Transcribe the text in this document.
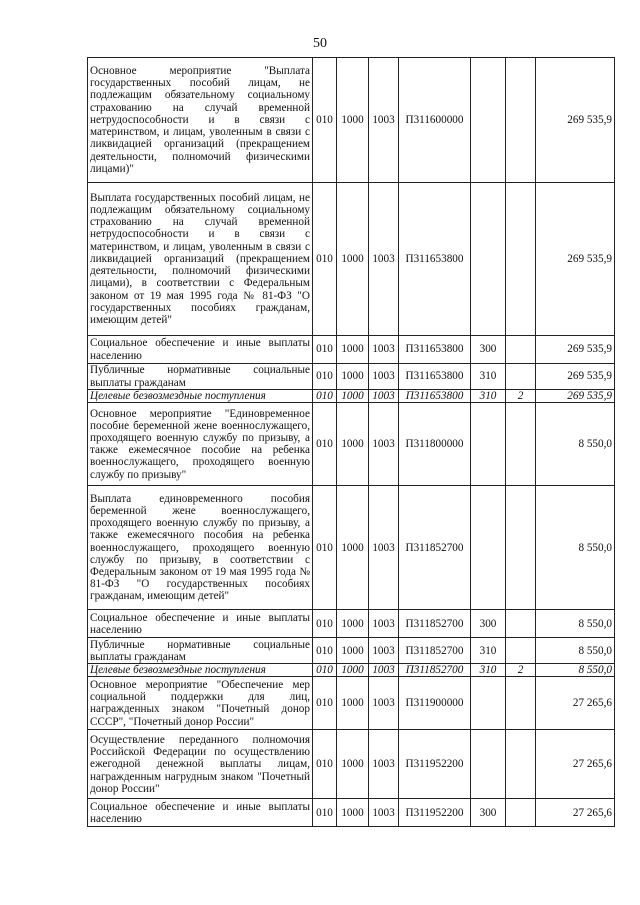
50
Основное мероприятие "Выплата государственных пособий лицам, не подлежащим обязательному социальному страхованию на случай временной нетрудоспособности и в связи с материнством, и лицам, уволенным в связи с ликвидацией организаций (прекращением деятельности, полномочий физическими лицами)"	010	1000	1003	П311600000			269 535,9
Выплата государственных пособий лицам, не подлежащим обязательному социальному страхованию на случай временной нетрудоспособности и в связи с материнством, и лицам, уволенным в связи с ликвидацией организаций (прекращением деятельности, полномочий физическими лицами), в соответствии с Федеральным законом от 19 мая 1995 года № 81-ФЗ "О государственных пособиях гражданам, имеющим детей"	010	1000	1003	П311653800			269 535,9
Социальное обеспечение и иные выплаты населению	010	1000	1003	П311653800	300		269 535,9
Публичные нормативные социальные выплаты гражданам	010	1000	1003	П311653800	310		269 535,9
Целевые безвозмездные поступления	010	1000	1003	П311653800	310	2	269 535,9
Основное мероприятие "Единовременное пособие беременной жене военнослужащего, проходящего военную службу по призыву, а также ежемесячное пособие на ребенка военнослужащего, проходящего военную службу по призыву"	010	1000	1003	П311800000			8 550,0
Выплата единовременного пособия беременной жене военнослужащего, проходящего военную службу по призыву, а также ежемесячного пособия на ребенка военнослужащего, проходящего военную службу по призыву, в соответствии с Федеральным законом от 19 мая 1995 года № 81-ФЗ "О государственных пособиях гражданам, имеющим детей"	010	1000	1003	П311852700			8 550,0
Социальное обеспечение и иные выплаты населению	010	1000	1003	П311852700	300		8 550,0
Публичные нормативные социальные выплаты гражданам	010	1000	1003	П311852700	310		8 550,0
Целевые безвозмездные поступления	010	1000	1003	П311852700	310	2	8 550,0
Основное мероприятие "Обеспечение мер социальной поддержки для лиц, награжденных знаком "Почетный донор СССР", "Почетный донор России"	010	1000	1003	П311900000			27 265,6
Осуществление переданного полномочия Российской Федерации по осуществлению ежегодной денежной выплаты лицам, награжденным нагрудным знаком "Почетный донор России"	010	1000	1003	П311952200			27 265,6
Социальное обеспечение и иные выплаты населению	010	1000	1003	П311952200	300		27 265,6
